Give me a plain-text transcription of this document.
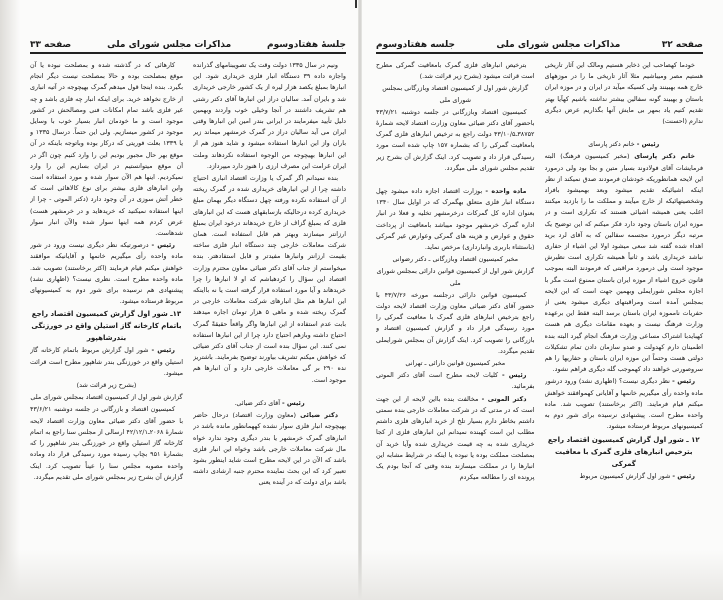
جلسهٔ هفتادوسوم
مذاکرات مجلس شورای ملی
صفحه ۳۳

ونیم در سال ۱۳۳۵ دولت وقت یک تصویبنامهای گذرانده واجازه داده ۳۹ دستگاه انبار فلزی خریداری شود. این انبارها بمبلغ یکصد هزار لیره از یک کشور خارجی خریداری شد و بایران آمد. سالیان دراز این انبارها آقای دکتر رشتی هم تشریف داشتند در آنجا وخیلی خوب واردند وبهمین دلیل تأیید میفرمایند در ایرانی بندر امین این انبارها وقتی ایران می آید سالیان دراز در گمرک خرمشهر میماند زیر باران واز این انبارها استفاده میشود و شاید هنوز هم از این انبارها بهیچوجه من الوجوه استفاده نکردهاند وملت ایران غرامت این مصرف ارزی را هنوز دارد میپردازد.

بنده نمیدانم اگر گمرک یا وزارت اقتصاد انباری احتیاج داشته چرا از این انبارهای خریداری شده در گمرک ریخته از آن استفاده نکرده ورفته چهل دستگاه دیگر بهمان مبلغ خریداری کرده درحالیکه بازسابقهای هست که این انبارهای فلزی که بمبلغ گزاف از خارج خریدهاند درخود ایران بمبلغ ارزانتر میسازند وبهتر هم قابل استفاده است. همان شرکت معاملات خارجی چند دستگاه انبار فلزی ساخته بقیمت ارزانتر وانبارها مفیدتر و قابل استفادهتر. بنده میخواستم از جناب آقای دکتر ضیائی معاون محترم وزارت اقتصاد این سؤال را کردهباشم که او لا انبارها را چرا خریدهاند و آیا مورد استفاده قرار گرفته است یا نه بااینکه این انبارها هم مثل انبارهای شرکت معاملات خارجی در گمرک ریخته شده و ماهی ۵ هزار تومان اجاره میدهند بابت عدم استفاده از این انبارها واگر واقعاً حقیقةً گمرک احتیاج داشته وبازهم احتیاج دارد چرا از این انبارها استفاده نمی کنند. این سؤال بنده است از جناب آقای دکتر ضیائی که خواهش میکنم تشریف بیاورند توضیح بفرمایند. باشتریز نده ۲۹۰ بر گی معاملات خارجی دارد و آن انبارها هم موجود است.

رئیس - آقای دکتر ضیائی.

دکتر ضیائی (معاون وزارت اقتصاد) درحال حاضر بهیچوجه انبار فلزی سوار نشده کههمانطور مانده باشد در انبارهای گمرک خرمشهر یا بندر دیگری وجود ندارد خواه مال شرکت معاملات خارجی باشد وخواه این انبار فلزی باشد که الآن در این لایحه مطرح است شاید اینطور بشود تعبیر کرد که این بحث نماینده محترم جنبه ارشادی داشته باشد برای دولت که در آینده یعنی

کارهائی که در گذشته شده و بمصلحت نبوده یا آن موقع بمصلحت بوده و حالا بمصلحت نیست دیگر انجام بگیرد. بنده اینجا قول میدهم گمرک بهیچوجه در آتیه انباری از خارج نخواهد خرید. برای اینکه انبار چه فلزی باشد و چه غیر فلزی باشد تمام امکانات فنی ومصالحش در کشور موجود است و ما خودمان انبار بسیار خوب با وسایل موجود در کشور میسازیم. ولی این حتماً. درسال ۱۳۳۵ و یا ۱۳۳۹ بعلت فوریتی که درکار بوده وباتوجه باینکه در آن موقع بهر حال مجبور بودیم این را وارد کنیم چون اگر در آن موقع میتوانستیم در ایران بسازیم این را وارد نمیکردیم. اینها هم الآن سوار شده و مورد استفاده است واین انبارهای فلزی بیشتر برای نوع کالاهائی است که خطر آتش سوزی در آن وجود دارد (دکتر الموتی - چرا از اینها استفاده نمیکنید که خریدهاید و در خرمشهر هست) عرض کردم همه اینها سوار شده والآن انبار سوار شدهاست.

رئیس - درصورتیکه نظر دیگری نیست ورود در شور ماده واحده رأی میگیریم خانمها و آقایانیکه موافقند خواهش میکنم قیام فرمایند (اکثر برخاستند) تصویب شد. ماده واحده مطرح است. نظری نیست؟ (اظهاری نشد) پیشنهادی هم نرسیده برای شور دوم به کمیسیونهای مربوط فرستاده میشود.

۱۳ـ شور اول گزارش کمیسیون اقتصاد راجع باتمام کارخانه گاز استیلن واقع در خورزنگی بندرشاهپور

رئیس - شور اول گزارش مربوط باتمام کارخانه گاز استیلن واقع در خورزنگی بندر شاهپور مطرح است قرائت میشود.

(بشرح زیر قرائت شد)

گزارش شور اول از کمیسیون اقتصاد بمجلس شورای ملی

کمیسیون اقتصاد و بازرگانی در جلسه دوشنبه ۴۳/۶/۲۱ با حضور آقای دکتر ضیائی معاون وزارت اقتصاد لایحه شمارهٔ ۲۰۶۸ـ۴۲/۱۲/۱ ارسالی از مجلس سنا راجع به اتمام کارخانه گاز استیلن واقع در خورزنگی بندر شاهپور را که بشمارهٔ ۹۵۱ بچاپ رسیده مورد رسیدگی قرار داد وماده واحده مصوبه مجلس سنا را عیناً تصویب کرد. اینک گزارش آن بشرح زیر بمجلس شورای ملی تقدیم میگردد.

صفحه ۳۲
مذاکرات مجلس شورای ملی
جلسه هفتادوسوم

خودما کهصاحب این ذخایر هستیم ومالک این آثار تاریخی هستیم مصر ومیباشیم مثلا آثار تاریخی ما را در موزههای خارج همه بهبینند ولی کسیکه میآید در ایران و در موزه ایران باستان و بهبیند گونه سفالین بیشتر نداشته باشیم کهآیا بهتر تقدیم کنیم یاد بمهر بی مایش آنها بگذاریم عرض دیگری ندارم (احسنت)

رئیس - خانم دکتر پارسای

خانم دکتر پارسای (مخبر کمیسیون فرهنگ) البته فرمایشات آقای فولادوند بسیار متین و بجا بود ولی درمورد این لایحه همانطوریکه خودشان فرمودند صدق نمیکند از نظر اینکه اشیائیکه تقدیم میشود وبعد بهمیشود بافراد وشخصیتهائیکه از خارج میآیند و مملکت ما را بازدید میکنند اغلب یعنی همیشه اشیائی هستند که تکراری است و در موزه ایران باستان وجود دارد فکر میکنم که این توضیح یک مرتبه دیگر درمورد مجسمه سفالین که به آقای لرد برید اهداء شده گفته شد سعی میشود اولا این اشیاء از حفاری نباشد خریداری باشد و ثانیاً همیشه تکراری است نظیرش موجود است ولی درمورد مراقبتی که فرمودند البته بموجب قانون خروج اشیاء از موزه ایران باستان ممنوع است مگر با اجازه مجلس شورایملی وبهمین جهت است که این لایحه بمجلس آمده است ومراقبتهای دیگری میشود یعنی از حفریات نامموزه ایران باستان برسد البته فقط این برعهده وزارت فرهنگ نیست و بعهده مقامات دیگری هم هست کهبایدبا اشتراک مساعی وزارت فرهنگ انجام گیرد البته بنده اطمینان دارم کهدولت و صدو سازمان دادن تمام تشکیلات دولتی هست وحتماً این موزه ایران باستان و حفاریها را هم سروصورتی خواهند داد کهموجب گله دیگری فراهم نشود.

رئیس - نظر دیگری نیست؟ (اظهاری نشد) ورود درشور ماده واحده رأی میگیریم خانمها و آقایانی کهموافقند خواهش میکنم قیام فرمایند. (اکثر برخاستند) تصویب شد. ماده واحده مطرح است. پیشنهادی نرسیده برای شور دوم به کمیسیونهای مربوط فرستاده میشود.

۱۲ ـ شور اول گزارش کمیسیون اقتصاد راجع بترخیص انبارهای فلزی گمرک با معافیت گمرکی

رئیس - شور اول گزارش کمیسیون مربوط

بترخیص انبارهای فلزی گمرک بامعافیت گمرکی مطرح است قرائت میشود (بشرح زیر قرائت شد.)

گزارش شور اول از کمیسیون اقتصاد وبازرگانی بمجلس شورای ملی

کمیسیون اقتصاد وبازرگانی در جلسه دوشنبه ۴۳/۷/۲۱ باحضور آقای دکتر ضیائی معاون وزارت اقتصاد لایحه شمارهٔ ۳۸۷۵۲ـ۴۳/۱۰/۵ دولت راجع به ترخیص انبارهای فلزی گمرک بامعافیت گمرکی را که بشماره ۱۵۷ چاپ شده است مورد رسیدگی قرار داد و تصویب کرد. اینک گزارش آن بشرح زیر تقدیم مجلس شورای ملی میگردد.

ماده واحده - بوزارت اقتصاد اجازه داده میشود چهل دستگاه انبار فلزی متعلق بهگمرک که در اوایل سال ۱۳۴۰ بعنوان اداره کل گمرکات درخرمشهر تخلیه و فعلا در انبار اداره گمرک خرمشهر موجود میباشد بامعافیت از پرداخت حقوق و عوارض و هزینه های گمرکی وعوارض غیر گمرکی (باستثناء باربری وانبارداری) مرخص نماید.

مخبر کمیسیون اقتصاد وبازرگانی ـ دکتر رضوانی

گزارش شور اول از کمیسیون قوانین دارائی بمجلس شورای ملی

کمیسیون قوانین دارائی درجلسه مورخه ۴۳/۷/۲۶ با حضور آقای دکتر ضیائی معاون وزارت اقتصاد لایحه دولت راجع بترخیص انبارهای فلزی گمرک با معافیت گمرکی را مورد رسیدگی قرار داد و گزارش کمیسیون اقتصاد و بازرگانی را تصویب کرد. اینک گزارش آن بمجلس شورایملی تقدیم میگردد.

مخبر کمیسیون قوانین دارائی ـ تهرانی

رئیس - کلیات لایحه مطرح است آقای دکتر الموتی بفرمائید.

دکتر الموتی - مخالفت بنده بااین لایحه از این جهت است که در مدتی که در شرکت معاملات خارجی بنده سمتی داشتم بخاطر دارم بسیار تلخ از خرید انبارهای فلزی داشتم مطلب این است کهبنده نمیدانم این انبارهای فلزی از کجا خریداری شده به چه قیمت خریداری شده وآیا خرید آن بمصلحت مملکت بوده یا نبوده یا اینکه در شرایط مشابه این انبارها را در مملکت میسازند بنده وقتی که آنجا بودم یک پرونده ای را مطالعه میکردم
